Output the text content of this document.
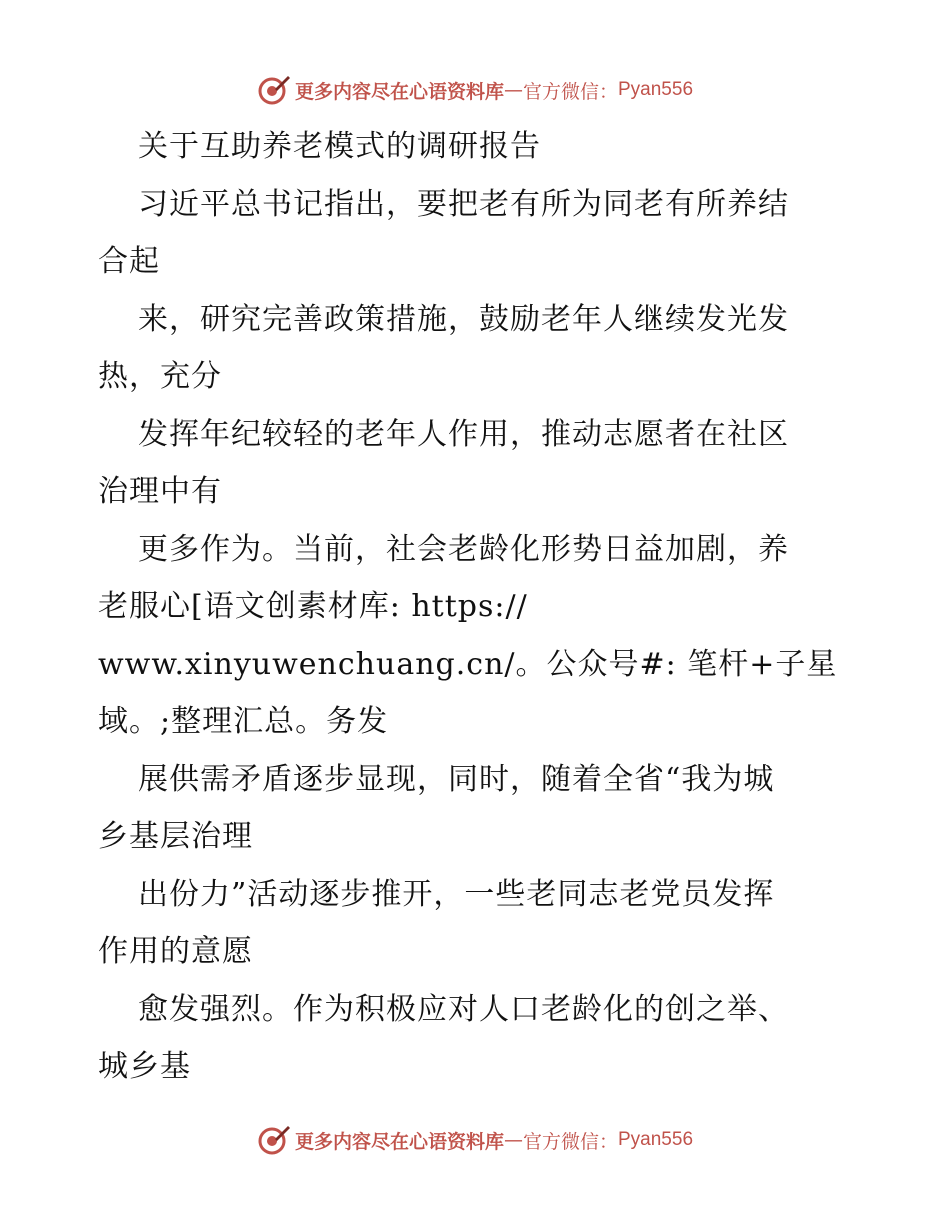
更多内容尽在心语资料库 — 官方微信： Pyan556

关于互助养老模式的调研报告

习近平总书记指出，要把老有所为同老有所养结

合起

来，研究完善政策措施，鼓励老年人继续发光发

热，充分

发挥年纪较轻的老年人作用，推动志愿者在社区

治理中有

更多作为。当前，社会老龄化形势日益加剧，养

老服心[语文创素材库: https://

www.xinyuwenchuang.cn/。公众号#: 笔杆+子星

域。;整理汇总。务发

展供需矛盾逐步显现，同时，随着全省“我为城

乡基层治理

出份力”活动逐步推开，一些老同志老党员发挥

作用的意愿

愈发强烈。作为积极应对人口老龄化的创之举、

城乡基

更多内容尽在心语资料库 — 官方微信： Pyan556
